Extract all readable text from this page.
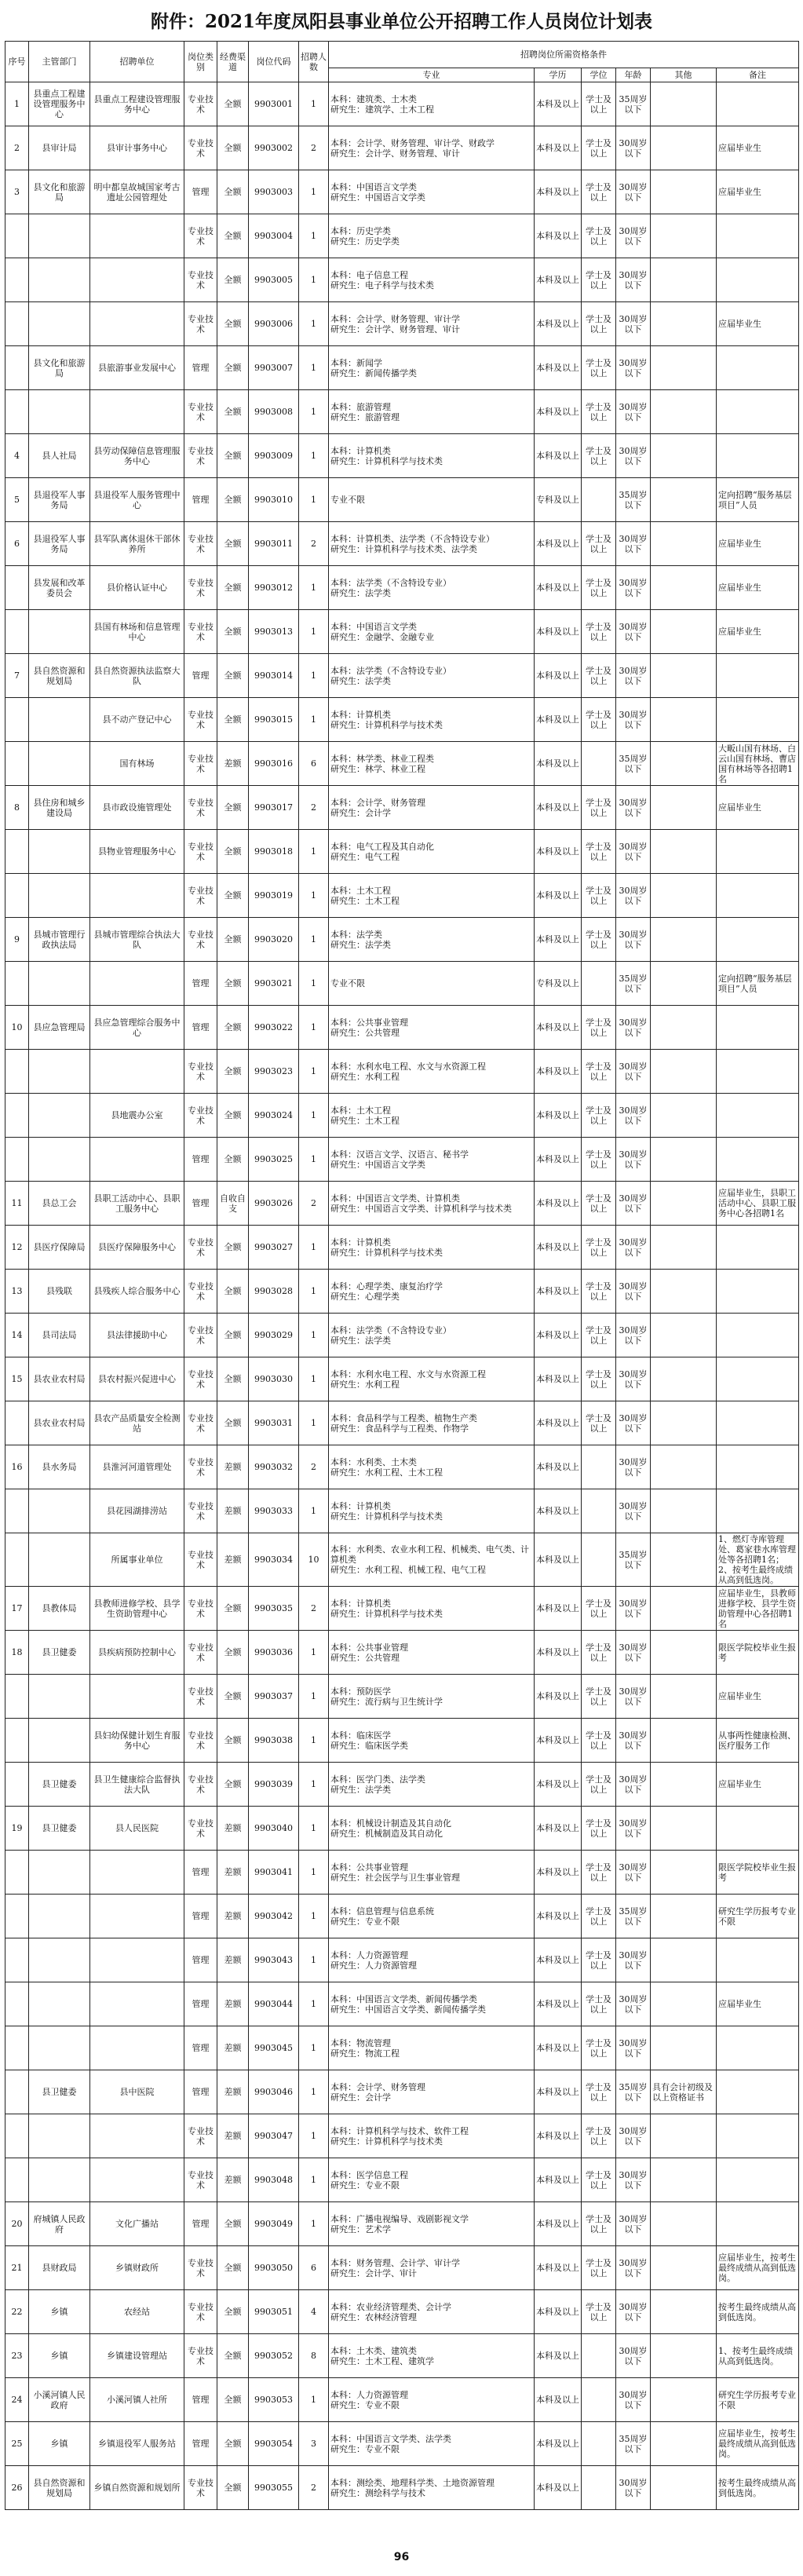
附件：2021年度凤阳县事业单位公开招聘工作人员岗位计划表
序号	主管部门	招聘单位	岗位类别	经费渠道	岗位代码	招聘人数	招聘岗位所需资格条件					
							专业	学历	学位	年龄	其他	备注
1	县重点工程建设管理服务中心	县重点工程建设管理服务中心	专业技术	全额	9903001	1	本科：建筑类、土木类
研究生：建筑学、土木工程	本科及以上	学士及以上	35周岁以下		
2	县审计局	县审计事务中心	专业技术	全额	9903002	2	本科：会计学、财务管理、审计学、财政学
研究生：会计学、财务管理、审计	本科及以上	学士及以上	30周岁以下		应届毕业生
3	县文化和旅游局	明中都皇故城国家考古遗址公园管理处	管理	全额	9903003	1	本科：中国语言文学类
研究生：中国语言文学类	本科及以上	学士及以上	30周岁以下		应届毕业生
			专业技术	全额	9903004	1	本科：历史学类
研究生：历史学类	本科及以上	学士及以上	30周岁以下		
			专业技术	全额	9903005	1	本科：电子信息工程
研究生：电子科学与技术类	本科及以上	学士及以上	30周岁以下		
			专业技术	全额	9903006	1	本科：会计学、财务管理、审计学
研究生：会计学、财务管理、审计	本科及以上	学士及以上	30周岁以下		应届毕业生
	县文化和旅游局	县旅游事业发展中心	管理	全额	9903007	1	本科：新闻学
研究生：新闻传播学类	本科及以上	学士及以上	30周岁以下		
			专业技术	全额	9903008	1	本科：旅游管理
研究生：旅游管理	本科及以上	学士及以上	30周岁以下		
4	县人社局	县劳动保障信息管理服务中心	专业技术	全额	9903009	1	本科：计算机类
研究生：计算机科学与技术类	本科及以上	学士及以上	30周岁以下		
5	县退役军人事务局	县退役军人服务管理中心	管理	全额	9903010	1	专业不限	专科及以上		35周岁以下		定向招聘“服务基层项目”人员
6	县退役军人事务局	县军队离休退休干部休养所	专业技术	全额	9903011	2	本科：计算机类、法学类（不含特设专业）
研究生：计算机科学与技术类、法学类	本科及以上	学士及以上	30周岁以下		应届毕业生
	县发展和改革委员会	县价格认证中心	专业技术	全额	9903012	1	本科：法学类（不含特设专业）
研究生：法学类	本科及以上	学士及以上	30周岁以下		应届毕业生
		县国有林场和信息管理中心	专业技术	全额	9903013	1	本科：中国语言文学类
研究生：金融学、金融专业	本科及以上	学士及以上	30周岁以下		应届毕业生
7	县自然资源和规划局	县自然资源执法监察大队	管理	全额	9903014	1	本科：法学类（不含特设专业）
研究生：法学类	本科及以上	学士及以上	30周岁以下		
		县不动产登记中心	专业技术	全额	9903015	1	本科：计算机类
研究生：计算机科学与技术类	本科及以上	学士及以上	30周岁以下		
		国有林场	专业技术	差额	9903016	6	本科：林学类、林业工程类
研究生：林学、林业工程	本科及以上		35周岁以下		大畈山国有林场、白云山国有林场、曹店国有林场等各招聘1名
8	县住房和城乡建设局	县市政设施管理处	专业技术	全额	9903017	2	本科：会计学、财务管理
研究生：会计学	本科及以上	学士及以上	30周岁以下		应届毕业生
		县物业管理服务中心	专业技术	全额	9903018	1	本科：电气工程及其自动化
研究生：电气工程	本科及以上	学士及以上	30周岁以下		
			专业技术	全额	9903019	1	本科：土木工程
研究生：土木工程	本科及以上	学士及以上	30周岁以下		
9	县城市管理行政执法局	县城市管理综合执法大队	专业技术	全额	9903020	1	本科：法学类
研究生：法学类	本科及以上	学士及以上	30周岁以下		
			管理	全额	9903021	1	专业不限	专科及以上		35周岁以下		定向招聘“服务基层项目”人员
10	县应急管理局	县应急管理综合服务中心	管理	全额	9903022	1	本科：公共事业管理
研究生：公共管理	本科及以上	学士及以上	30周岁以下		
			专业技术	全额	9903023	1	本科：水利水电工程、水文与水资源工程
研究生：水利工程	本科及以上	学士及以上	30周岁以下		
		县地震办公室	专业技术	全额	9903024	1	本科：土木工程
研究生：土木工程	本科及以上	学士及以上	30周岁以下		
			管理	全额	9903025	1	本科：汉语言文学、汉语言、秘书学
研究生：中国语言文学类	本科及以上	学士及以上	30周岁以下		
11	县总工会	县职工活动中心、县职工服务中心	管理	自收自支	9903026	2	本科：中国语言文学类、计算机类
研究生：中国语言文学类、计算机科学与技术类	本科及以上	学士及以上	30周岁以下		应届毕业生，县职工活动中心、县职工服务中心各招聘1名
12	县医疗保障局	县医疗保障服务中心	专业技术	全额	9903027	1	本科：计算机类
研究生：计算机科学与技术类	本科及以上	学士及以上	30周岁以下		
13	县残联	县残疾人综合服务中心	专业技术	全额	9903028	1	本科：心理学类、康复治疗学
研究生：心理学类	本科及以上	学士及以上	30周岁以下		
14	县司法局	县法律援助中心	专业技术	全额	9903029	1	本科：法学类（不含特设专业）
研究生：法学类	本科及以上	学士及以上	30周岁以下		
15	县农业农村局	县农村振兴促进中心	专业技术	全额	9903030	1	本科：水利水电工程、水文与水资源工程
研究生：水利工程	本科及以上	学士及以上	30周岁以下		
	县农业农村局	县农产品质量安全检测站	专业技术	全额	9903031	1	本科：食品科学与工程类、植物生产类
研究生：食品科学与工程类、作物学	本科及以上	学士及以上	30周岁以下		
16	县水务局	县淮河河道管理处	专业技术	差额	9903032	2	本科：水利类、土木类
研究生：水利工程、土木工程	本科及以上		30周岁以下		
		县花园湖排涝站	专业技术	差额	9903033	1	本科：计算机类
研究生：计算机科学与技术类	本科及以上		30周岁以下		
		所属事业单位	专业技术	差额	9903034	10	本科：水利类、农业水利工程、机械类、电气类、计算机类
研究生：水利工程、机械工程、电气工程	本科及以上		35周岁以下		1、燃灯寺库管理处、葛家巷水库管理处等各招聘1名；2、按考生最终成绩从高到低选岗。
17	县教体局	县教师进修学校、县学生资助管理中心	专业技术	全额	9903035	2	本科：计算机类
研究生：计算机科学与技术类	本科及以上	学士及以上	30周岁以下		应届毕业生，县教师进修学校、县学生资助管理中心各招聘1名
18	县卫健委	县疾病预防控制中心	专业技术	全额	9903036	1	本科：公共事业管理
研究生：公共管理	本科及以上	学士及以上	30周岁以下		限医学院校毕业生报考
			专业技术	全额	9903037	1	本科：预防医学
研究生：流行病与卫生统计学	本科及以上	学士及以上	30周岁以下		应届毕业生
		县妇幼保健计划生育服务中心	专业技术	全额	9903038	1	本科：临床医学
研究生：临床医学类	本科及以上	学士及以上	30周岁以下		从事两性健康检测、医疗服务工作
	县卫健委	县卫生健康综合监督执法大队	专业技术	全额	9903039	1	本科：医学门类、法学类
研究生：法学类	本科及以上	学士及以上	30周岁以下		应届毕业生
19	县卫健委	县人民医院	专业技术	差额	9903040	1	本科：机械设计制造及其自动化
研究生：机械制造及其自动化	本科及以上	学士及以上	30周岁以下		
			管理	差额	9903041	1	本科：公共事业管理
研究生：社会医学与卫生事业管理	本科及以上	学士及以上	30周岁以下		限医学院校毕业生报考
			管理	差额	9903042	1	本科：信息管理与信息系统
研究生：专业不限	本科及以上	学士及以上	35周岁以下		研究生学历报考专业不限
			管理	差额	9903043	1	本科：人力资源管理
研究生：人力资源管理	本科及以上	学士及以上	30周岁以下		
			管理	差额	9903044	1	本科：中国语言文学类、新闻传播学类
研究生：中国语言文学类、新闻传播学类	本科及以上	学士及以上	30周岁以下		应届毕业生
			管理	差额	9903045	1	本科：物流管理
研究生：物流工程	本科及以上	学士及以上	30周岁以下		
	县卫健委	县中医院	管理	差额	9903046	1	本科：会计学、财务管理
研究生：会计学	本科及以上	学士及以上	35周岁以下	具有会计初级及以上资格证书	
			专业技术	差额	9903047	1	本科：计算机科学与技术、软件工程
研究生：计算机科学与技术类	本科及以上	学士及以上	30周岁以下		
			专业技术	差额	9903048	1	本科：医学信息工程
研究生：专业不限	本科及以上	学士及以上	30周岁以下		
20	府城镇人民政府	文化广播站	管理	全额	9903049	1	本科：广播电视编导、戏剧影视文学
研究生：艺术学	本科及以上	学士及以上	30周岁以下		
21	县财政局	乡镇财政所	专业技术	全额	9903050	6	本科：财务管理、会计学、审计学
研究生：会计学、审计	本科及以上	学士及以上	30周岁以下		应届毕业生，按考生最终成绩从高到低选岗。
22	乡镇	农经站	专业技术	全额	9903051	4	本科：农业经济管理类、会计学
研究生：农林经济管理	本科及以上	学士及以上	30周岁以下		按考生最终成绩从高到低选岗。
23	乡镇	乡镇建设管理站	专业技术	全额	9903052	8	本科：土木类、建筑类
研究生：土木工程、建筑学	本科及以上		30周岁以下		1、按考生最终成绩从高到低选岗。
24	小溪河镇人民政府	小溪河镇人社所	管理	全额	9903053	1	本科：人力资源管理
研究生：专业不限	本科及以上		30周岁以下		研究生学历报考专业不限
25	乡镇	乡镇退役军人服务站	管理	全额	9903054	3	本科：中国语言文学类、法学类
研究生：专业不限	本科及以上		35周岁以下		应届毕业生，按考生最终成绩从高到低选岗。
26	县自然资源和规划局	乡镇自然资源和规划所	专业技术	全额	9903055	2	本科：测绘类、地理科学类、土地资源管理
研究生：测绘科学与技术	本科及以上		30周岁以下		按考生最终成绩从高到低选岗。
96
